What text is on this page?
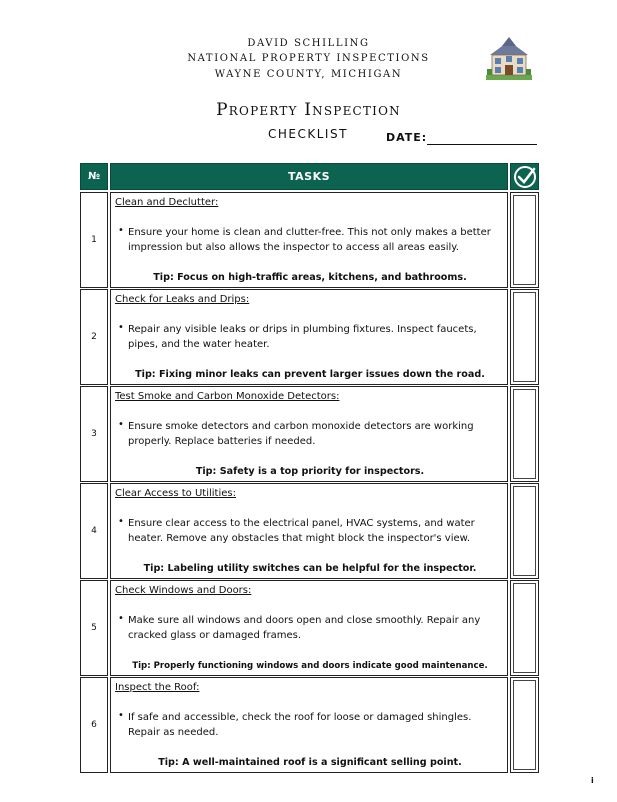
DAVID SCHILLING
NATIONAL PROPERTY INSPECTIONS
WAYNE COUNTY, MICHIGAN
Property Inspection
CHECKLIST	DATE:
№	TASKS
1
Clean and Declutter:
• Ensure your home is clean and clutter-free. This not only makes a better impression but also allows the inspector to access all areas easily.
Tip: Focus on high-traffic areas, kitchens, and bathrooms.
2
Check for Leaks and Drips:
• Repair any visible leaks or drips in plumbing fixtures. Inspect faucets, pipes, and the water heater.
Tip: Fixing minor leaks can prevent larger issues down the road.
3
Test Smoke and Carbon Monoxide Detectors:
• Ensure smoke detectors and carbon monoxide detectors are working properly. Replace batteries if needed.
Tip: Safety is a top priority for inspectors.
4
Clear Access to Utilities:
• Ensure clear access to the electrical panel, HVAC systems, and water heater. Remove any obstacles that might block the inspector's view.
Tip: Labeling utility switches can be helpful for the inspector.
5
Check Windows and Doors:
• Make sure all windows and doors open and close smoothly. Repair any cracked glass or damaged frames.
Tip: Properly functioning windows and doors indicate good maintenance.
6
Inspect the Roof:
• If safe and accessible, check the roof for loose or damaged shingles. Repair as needed.
Tip: A well-maintained roof is a significant selling point.
ⅰ
